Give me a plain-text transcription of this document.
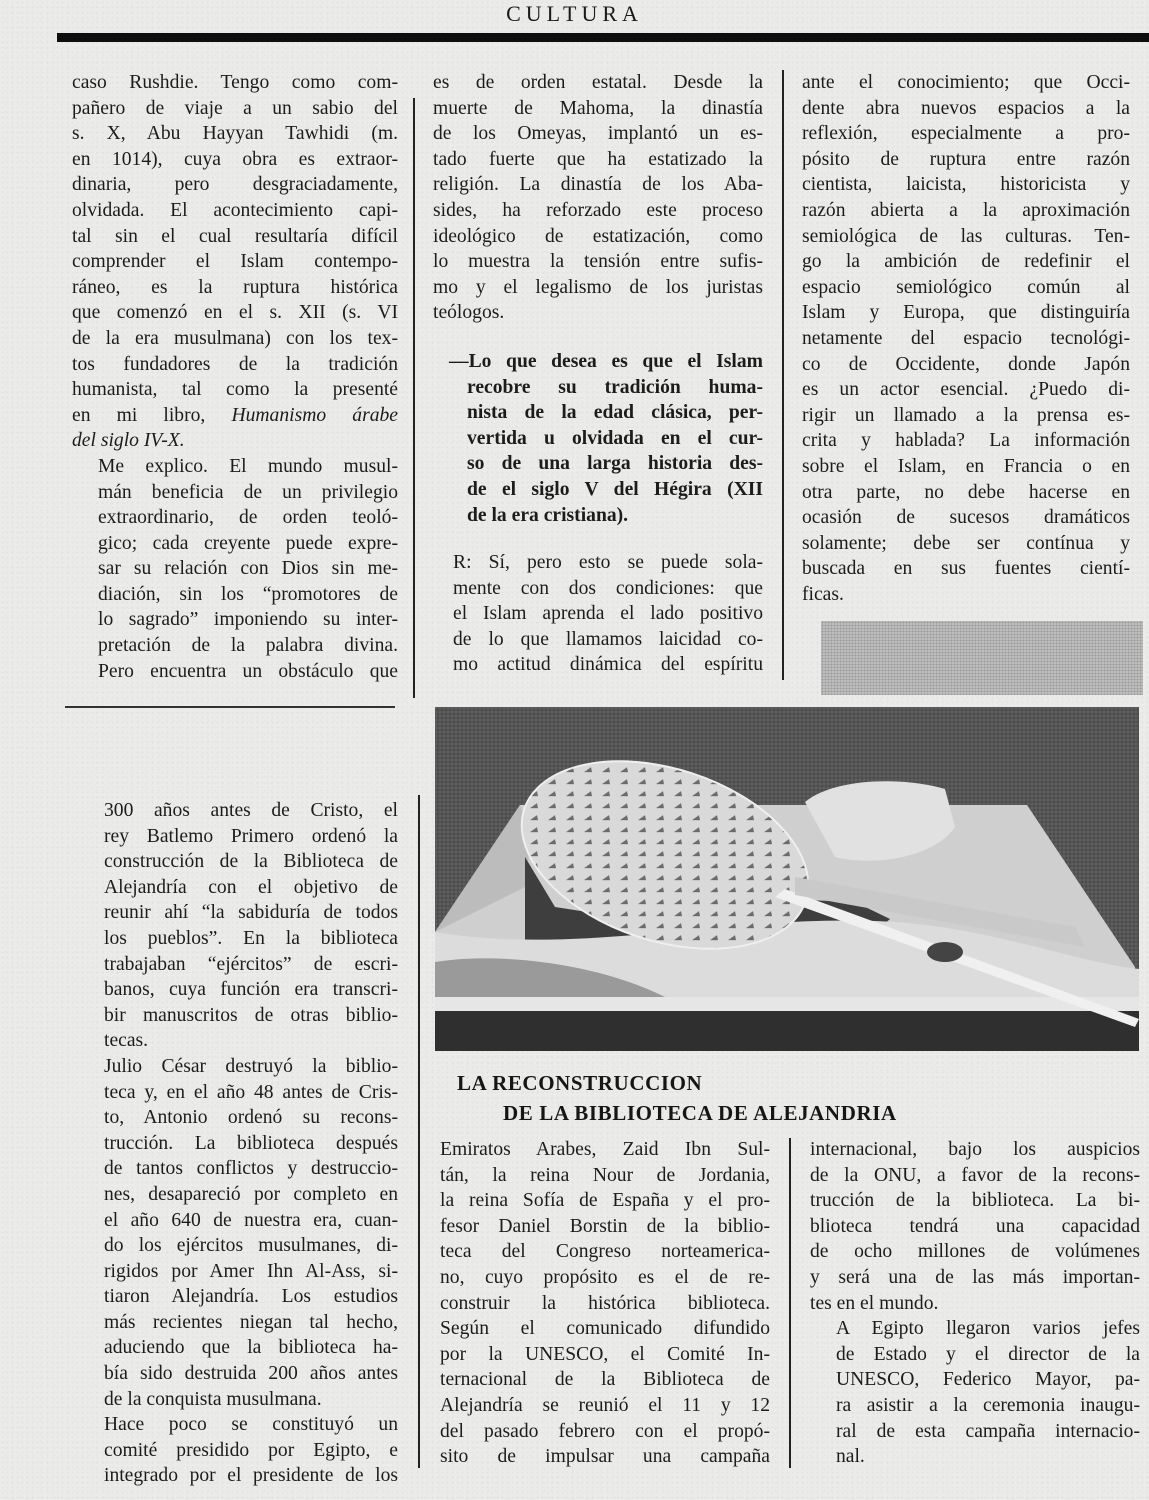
CULTURA

caso Rushdie. Tengo como com-
pañero de viaje a un sabio del
s. X, Abu Hayyan Tawhidi (m.
en 1014), cuya obra es extraor-
dinaria, pero desgraciadamente,
olvidada. El acontecimiento capi-
tal sin el cual resultaría difícil
comprender el Islam contempo-
ráneo, es la ruptura histórica
que comenzó en el s. XII (s. VI
de la era musulmana) con los tex-
tos fundadores de la tradición
humanista, tal como la presenté

en mi libro, Humanismo árabe
del siglo IV-X.

Me explico. El mundo musul-
mán beneficia de un privilegio
extraordinario, de orden teoló-
gico; cada creyente puede expre-
sar su relación con Dios sin me-
diación, sin los “promotores de
lo sagrado” imponiendo su inter-
pretación de la palabra divina.
Pero encuentra un obstáculo que

es de orden estatal. Desde la
muerte de Mahoma, la dinastía
de los Omeyas, implantó un es-
tado fuerte que ha estatizado la
religión. La dinastía de los Aba-
sides, ha reforzado este proceso
ideológico de estatización, como
lo muestra la tensión entre sufis-
mo y el legalismo de los juristas
teólogos.

—Lo que desea es que el Islam
recobre su tradición huma-
nista de la edad clásica, per-
vertida u olvidada en el cur-
so de una larga historia des-
de el siglo V del Hégira (XII
de la era cristiana).

R: Sí, pero esto se puede sola-
mente con dos condiciones: que
el Islam aprenda el lado positivo
de lo que llamamos laicidad co-
mo actitud dinámica del espíritu

ante el conocimiento; que Occi-
dente abra nuevos espacios a la
reflexión, especialmente a pro-
pósito de ruptura entre razón
cientista, laicista, historicista y
razón abierta a la aproximación
semiológica de las culturas. Ten-
go la ambición de redefinir el
espacio semiológico común al
Islam y Europa, que distinguiría
netamente del espacio tecnológi-
co de Occidente, donde Japón
es un actor esencial. ¿Puedo di-
rigir un llamado a la prensa es-
crita y hablada? La información
sobre el Islam, en Francia o en
otra parte, no debe hacerse en
ocasión de sucesos dramáticos
solamente; debe ser contínua y
buscada en sus fuentes cientí-
ficas.

300 años antes de Cristo, el
rey Batlemo Primero ordenó la
construcción de la Biblioteca de
Alejandría con el objetivo de
reunir ahí “la sabiduría de todos
los pueblos”. En la biblioteca
trabajaban “ejércitos” de escri-
banos, cuya función era transcri-
bir manuscritos de otras biblio-
tecas.

Julio César destruyó la biblio-
teca y, en el año 48 antes de Cris-
to, Antonio ordenó su recons-
trucción. La biblioteca después
de tantos conflictos y destruccio-
nes, desapareció por completo en
el año 640 de nuestra era, cuan-
do los ejércitos musulmanes, di-
rigidos por Amer Ihn Al-Ass, si-
tiaron Alejandría. Los estudios
más recientes niegan tal hecho,
aduciendo que la biblioteca ha-
bía sido destruida 200 años antes
de la conquista musulmana.

Hace poco se constituyó un
comité presidido por Egipto, e
integrado por el presidente de los

LA RECONSTRUCCION
DE LA BIBLIOTECA DE ALEJANDRIA

Emiratos Arabes, Zaid Ibn Sul-
tán, la reina Nour de Jordania,
la reina Sofía de España y el pro-
fesor Daniel Borstin de la biblio-
teca del Congreso norteamerica-
no, cuyo propósito es el de re-
construir la histórica biblioteca.
Según el comunicado difundido
por la UNESCO, el Comité In-
ternacional de la Biblioteca de
Alejandría se reunió el 11 y 12
del pasado febrero con el propó-
sito de impulsar una campaña

internacional, bajo los auspicios
de la ONU, a favor de la recons-
trucción de la biblioteca. La bi-
blioteca tendrá una capacidad
de ocho millones de volúmenes
y será una de las más importan-
tes en el mundo.

A Egipto llegaron varios jefes
de Estado y el director de la
UNESCO, Federico Mayor, pa-
ra asistir a la ceremonia inaugu-
ral de esta campaña internacio-
nal.
